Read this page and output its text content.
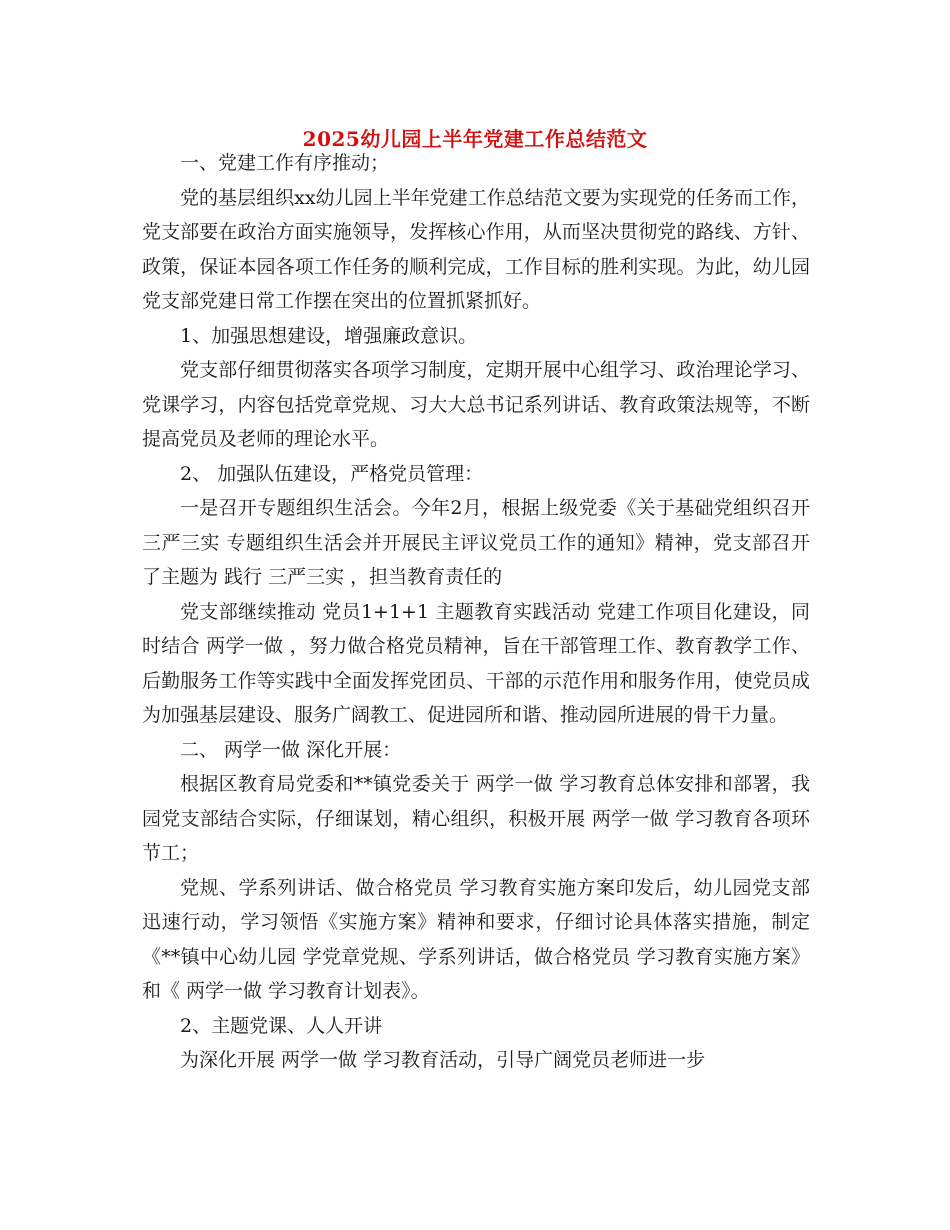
2025幼儿园上半年党建工作总结范文

一、党建工作有序推动；

党的基层组织xx幼儿园上半年党建工作总结范文要为实现党的任务而工作，党支部要在政治方面实施领导，发挥核心作用，从而坚决贯彻党的路线、方针、政策，保证本园各项工作任务的顺利完成，工作目标的胜利实现。为此，幼儿园党支部党建日常工作摆在突出的位置抓紧抓好。

1、加强思想建设，增强廉政意识。

党支部仔细贯彻落实各项学习制度，定期开展中心组学习、政治理论学习、党课学习，内容包括党章党规、习大大总书记系列讲话、教育政策法规等，不断提高党员及老师的理论水平。

2、 加强队伍建设，严格党员管理：

一是召开专题组织生活会。今年2月，根据上级党委《关于基础党组织召开 三严三实 专题组织生活会并开展民主评议党员工作的通知》精神，党支部召开了主题为 践行 三严三实 ，担当教育责任的

党支部继续推动 党员1+1+1 主题教育实践活动 党建工作项目化建设，同时结合 两学一做 ，努力做合格党员精神，旨在干部管理工作、教育教学工作、后勤服务工作等实践中全面发挥党团员、干部的示范作用和服务作用，使党员成为加强基层建设、服务广阔教工、促进园所和谐、推动园所进展的骨干力量。

二、 两学一做 深化开展：

根据区教育局党委和**镇党委关于 两学一做 学习教育总体安排和部署，我园党支部结合实际，仔细谋划，精心组织，积极开展 两学一做 学习教育各项环节工；

党规、学系列讲话、做合格党员 学习教育实施方案印发后，幼儿园党支部迅速行动，学习领悟《实施方案》精神和要求，仔细讨论具体落实措施，制定《**镇中心幼儿园 学党章党规、学系列讲话，做合格党员 学习教育实施方案》和《 两学一做 学习教育计划表》。

2、主题党课、人人开讲

为深化开展 两学一做 学习教育活动，引导广阔党员老师进一步
